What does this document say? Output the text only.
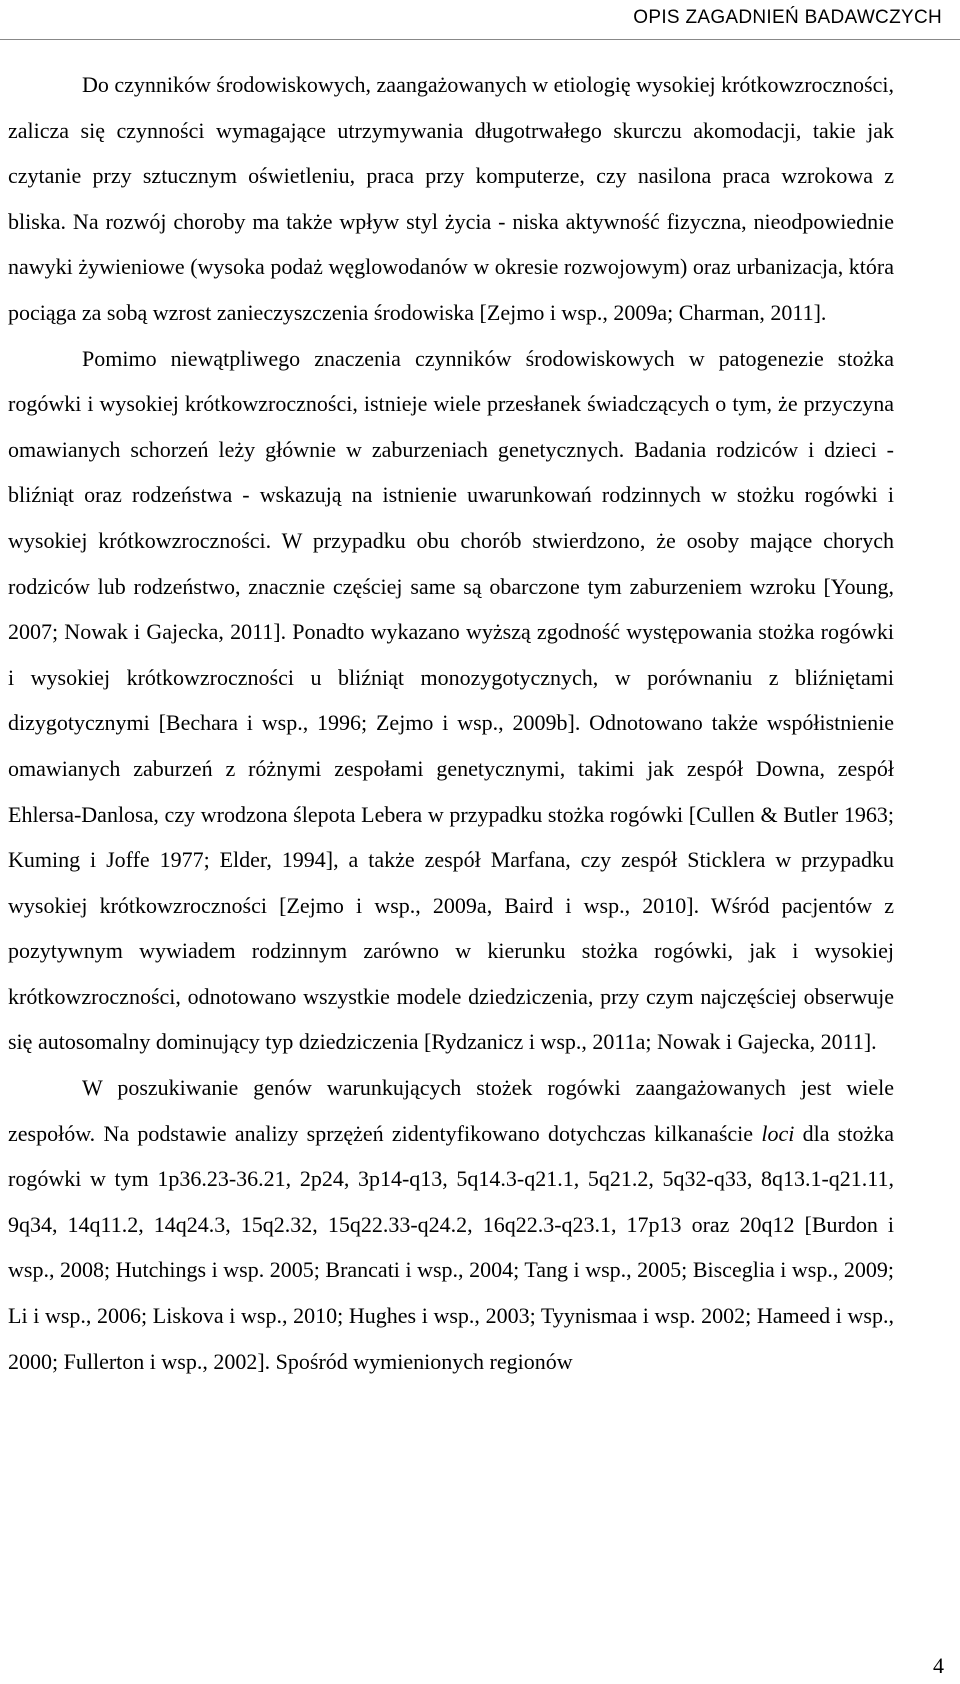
OPIS ZAGADNIEŃ BADAWCZYCH

Do czynników środowiskowych, zaangażowanych w etiologię wysokiej krótkowzroczności, zalicza się czynności wymagające utrzymywania długotrwałego skurczu akomodacji, takie jak czytanie przy sztucznym oświetleniu, praca przy komputerze, czy nasilona praca wzrokowa z bliska. Na rozwój choroby ma także wpływ styl życia - niska aktywność fizyczna, nieodpowiednie nawyki żywieniowe (wysoka podaż węglowodanów w okresie rozwojowym) oraz urbanizacja, która pociąga za sobą wzrost zanieczyszczenia środowiska [Zejmo i wsp., 2009a; Charman, 2011].

Pomimo niewątpliwego znaczenia czynników środowiskowych w patogenezie stożka rogówki i wysokiej krótkowzroczności, istnieje wiele przesłanek świadczących o tym, że przyczyna omawianych schorzeń leży głównie w zaburzeniach genetycznych. Badania rodziców i dzieci - bliźniąt oraz rodzeństwa - wskazują na istnienie uwarunkowań rodzinnych w stożku rogówki i wysokiej krótkowzroczności. W przypadku obu chorób stwierdzono, że osoby mające chorych rodziców lub rodzeństwo, znacznie częściej same są obarczone tym zaburzeniem wzroku [Young, 2007; Nowak i Gajecka, 2011]. Ponadto wykazano wyższą zgodność występowania stożka rogówki i wysokiej krótkowzroczności u bliźniąt monozygotycznych, w porównaniu z bliźniętami dizygotycznymi [Bechara i wsp., 1996; Zejmo i wsp., 2009b]. Odnotowano także współistnienie omawianych zaburzeń z różnymi zespołami genetycznymi, takimi jak zespół Downa, zespół Ehlersa-Danlosa, czy wrodzona ślepota Lebera w przypadku stożka rogówki [Cullen & Butler 1963; Kuming i Joffe 1977; Elder, 1994], a także zespół Marfana, czy zespół Sticklera w przypadku wysokiej krótkowzroczności [Zejmo i wsp., 2009a, Baird i wsp., 2010]. Wśród pacjentów z pozytywnym wywiadem rodzinnym zarówno w kierunku stożka rogówki, jak i wysokiej krótkowzroczności, odnotowano wszystkie modele dziedziczenia, przy czym najczęściej obserwuje się autosomalny dominujący typ dziedziczenia [Rydzanicz i wsp., 2011a; Nowak i Gajecka, 2011].

W poszukiwanie genów warunkujących stożek rogówki zaangażowanych jest wiele zespołów. Na podstawie analizy sprzężeń zidentyfikowano dotychczas kilkanaście loci dla stożka rogówki w tym 1p36.23-36.21, 2p24, 3p14-q13, 5q14.3-q21.1, 5q21.2, 5q32-q33, 8q13.1-q21.11, 9q34, 14q11.2, 14q24.3, 15q2.32, 15q22.33-q24.2, 16q22.3-q23.1, 17p13 oraz 20q12 [Burdon i wsp., 2008; Hutchings i wsp. 2005; Brancati i wsp., 2004; Tang i wsp., 2005; Bisceglia i wsp., 2009; Li i wsp., 2006; Liskova i wsp., 2010; Hughes i wsp., 2003; Tyynismaa i wsp. 2002; Hameed i wsp., 2000; Fullerton i wsp., 2002]. Spośród wymienionych regionów

4
